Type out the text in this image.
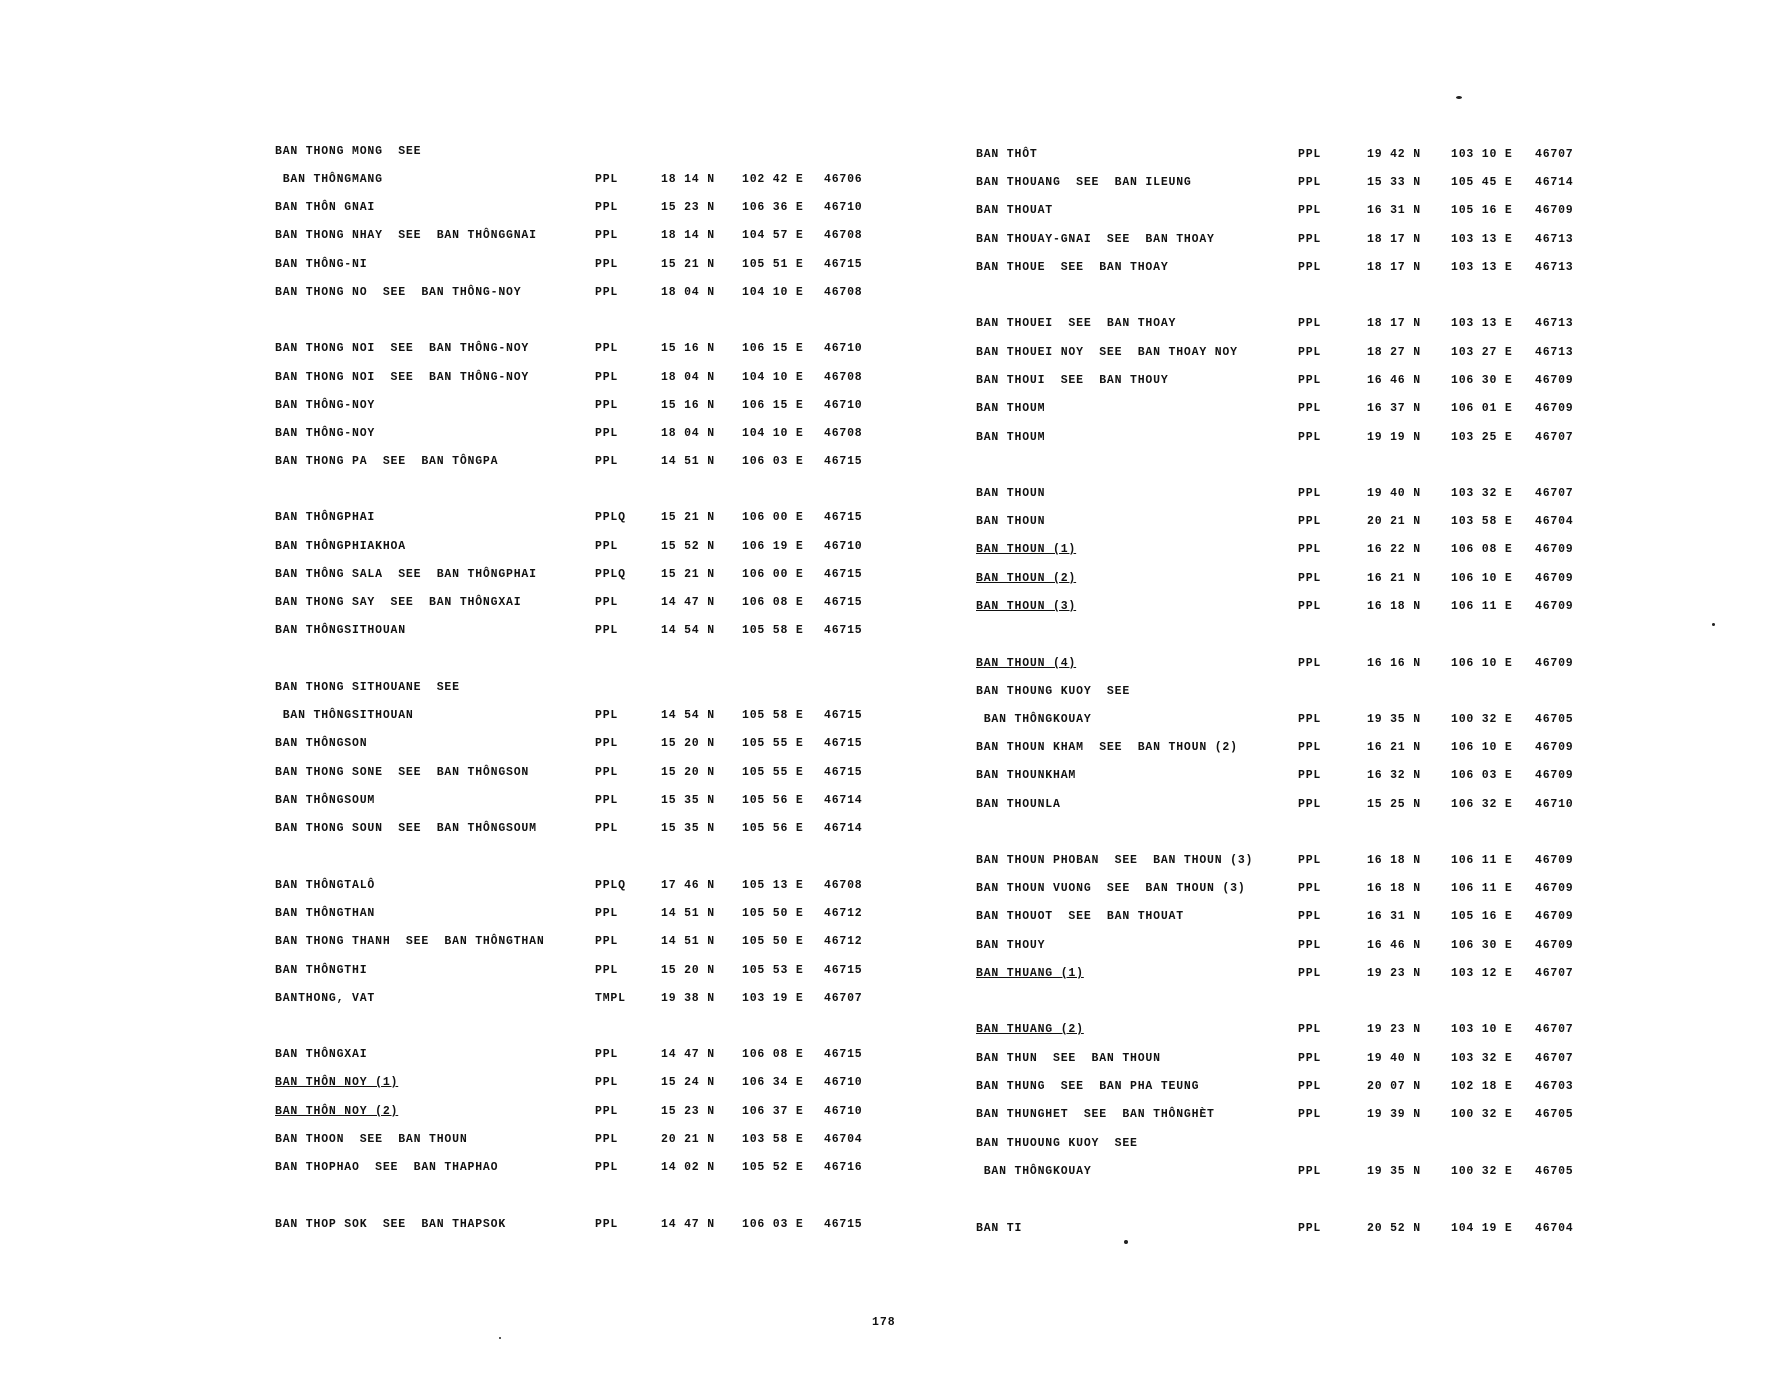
BAN THONG MONG  SEE
BAN THÔNGMANG	PPL	18 14 N 102 42 E 46706
BAN THÔN GNAI	PPL	15 23 N 106 36 E 46710
BAN THONG NHAY  SEE  BAN THÔNGGNAI	PPL	18 14 N 104 57 E 46708
BAN THÔNG-NI	PPL	15 21 N 105 51 E 46715
BAN THONG NO  SEE  BAN THÔNG-NOY	PPL	18 04 N 104 10 E 46708
BAN THONG NOI  SEE  BAN THÔNG-NOY	PPL	15 16 N 106 15 E 46710
BAN THONG NOI  SEE  BAN THÔNG-NOY	PPL	18 04 N 104 10 E 46708
BAN THÔNG-NOY	PPL	15 16 N 106 15 E 46710
BAN THÔNG-NOY	PPL	18 04 N 104 10 E 46708
BAN THONG PA  SEE  BAN TÔNGPA	PPL	14 51 N 106 03 E 46715
BAN THÔNGPHAI	PPLQ	15 21 N 106 00 E 46715
BAN THÔNGPHIAKHOA	PPL	15 52 N 106 19 E 46710
BAN THÔNG SALA  SEE  BAN THÔNGPHAI	PPLQ	15 21 N 106 00 E 46715
BAN THONG SAY  SEE  BAN THÔNGXAI	PPL	14 47 N 106 08 E 46715
BAN THÔNGSITHOUAN	PPL	14 54 N 105 58 E 46715
BAN THONG SITHOUANE  SEE
BAN THÔNGSITHOUAN	PPL	14 54 N 105 58 E 46715
BAN THÔNGSON	PPL	15 20 N 105 55 E 46715
BAN THONG SONE  SEE  BAN THÔNGSON	PPL	15 20 N 105 55 E 46715
BAN THÔNGSOUM	PPL	15 35 N 105 56 E 46714
BAN THONG SOUN  SEE  BAN THÔNGSOUM	PPL	15 35 N 105 56 E 46714
BAN THÔNGTALÔ	PPLQ	17 46 N 105 13 E 46708
BAN THÔNGTHAN	PPL	14 51 N 105 50 E 46712
BAN THONG THANH  SEE  BAN THÔNGTHAN	PPL	14 51 N 105 50 E 46712
BAN THÔNGTHI	PPL	15 20 N 105 53 E 46715
BANTHONG, VAT	TMPL	19 38 N 103 19 E 46707
BAN THÔNGXAI	PPL	14 47 N 106 08 E 46715
BAN THÔN NOY (1)	PPL	15 24 N 106 34 E 46710
BAN THÔN NOY (2)	PPL	15 23 N 106 37 E 46710
BAN THOON  SEE  BAN THOUN	PPL	20 21 N 103 58 E 46704
BAN THOPHAO  SEE  BAN THAPHAO	PPL	14 02 N 105 52 E 46716
BAN THOP SOK  SEE  BAN THAPSOK	PPL	14 47 N 106 03 E 46715
BAN THÔT	PPL	19 42 N	103 10 E 46707
BAN THOUANG  SEE  BAN ILEUNG	PPL	15 33 N	105 45 E 46714
BAN THOUAT	PPL	16 31 N	105 16 E 46709
BAN THOUAY-GNAI  SEE  BAN THOAY	PPL	18 17 N	103 13 E 46713
BAN THOUE  SEE  BAN THOAY	PPL	18 17 N	103 13 E 46713
BAN THOUEI  SEE  BAN THOAY	PPL	18 17 N	103 13 E 46713
BAN THOUEI NOY  SEE  BAN THOAY NOY	PPL	18 27 N	103 27 E 46713
BAN THOUI  SEE  BAN THOUY	PPL	16 46 N	106 30 E 46709
BAN THOUM	PPL	16 37 N	106 01 E 46709
BAN THOUM	PPL	19 19 N	103 25 E 46707
BAN THOUN	PPL	19 40 N	103 32 E 46707
BAN THOUN	PPL	20 21 N	103 58 E 46704
BAN THOUN (1)	PPL	16 22 N	106 08 E 46709
BAN THOUN (2)	PPL	16 21 N	106 10 E 46709
BAN THOUN (3)	PPL	16 18 N	106 11 E 46709
BAN THOUN (4)	PPL	16 16 N	106 10 E 46709
BAN THOUNG KUOY  SEE
BAN THÔNGKOUAY	PPL	19 35 N	100 32 E 46705
BAN THOUN KHAM  SEE  BAN THOUN (2)	PPL	16 21 N	106 10 E 46709
BAN THOUNKHAM	PPL	16 32 N	106 03 E 46709
BAN THOUNLA	PPL	15 25 N	106 32 E 46710
BAN THOUN PHOBAN  SEE  BAN THOUN (3)	PPL	16 18 N	106 11 E 46709
BAN THOUN VUONG  SEE  BAN THOUN (3)	PPL	16 18 N	106 11 E 46709
BAN THOUOT  SEE  BAN THOUAT	PPL	16 31 N	105 16 E 46709
BAN THOUY	PPL	16 46 N	106 30 E 46709
BAN THUANG (1)	PPL	19 23 N	103 12 E 46707
BAN THUANG (2)	PPL	19 23 N	103 10 E 46707
BAN THUN  SEE  BAN THOUN	PPL	19 40 N	103 32 E 46707
BAN THUNG  SEE  BAN PHA TEUNG	PPL	20 07 N	102 18 E 46703
BAN THUNGHET  SEE  BAN THÔNGHÈT	PPL	19 39 N	100 32 E 46705
BAN THUOUNG KUOY  SEE
BAN THÔNGKOUAY	PPL	19 35 N	100 32 E 46705
BAN TI	PPL	20 52 N	104 19 E 46704
178
